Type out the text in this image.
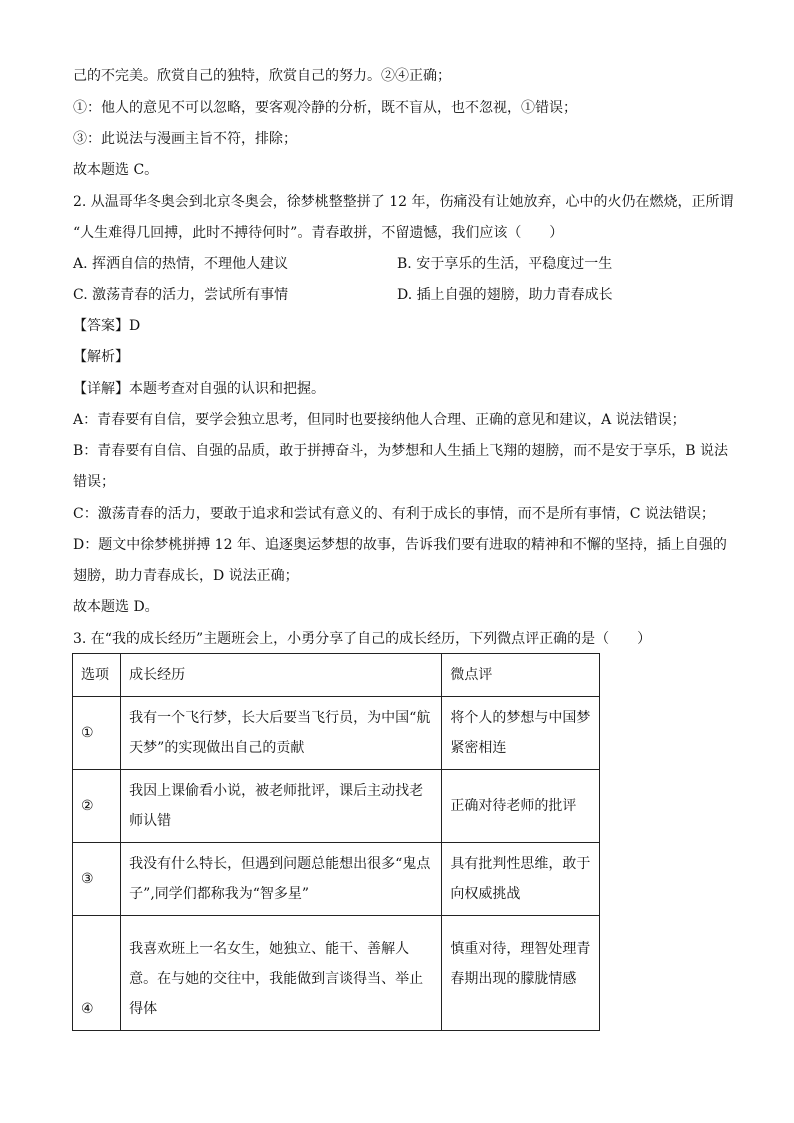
己的不完美。欣赏自己的独特，欣赏自己的努力。②④正确；
①：他人的意见不可以忽略，要客观冷静的分析，既不盲从，也不忽视，①错误；
③：此说法与漫画主旨不符，排除；
故本题选 C。
2. 从温哥华冬奥会到北京冬奥会，徐梦桃整整拼了 12 年，伤痛没有让她放弃，心中的火仍在燃烧，正所谓
“人生难得几回搏，此时不搏待何时”。青春敢拼，不留遗憾，我们应该（　　）
A. 挥洒自信的热情，不理他人建议	B. 安于享乐的生活，平稳度过一生
C. 激荡青春的活力，尝试所有事情	D. 插上自强的翅膀，助力青春成长
【答案】D
【解析】
【详解】本题考查对自强的认识和把握。
A：青春要有自信，要学会独立思考，但同时也要接纳他人合理、正确的意见和建议，A 说法错误；
B：青春要有自信、自强的品质，敢于拼搏奋斗，为梦想和人生插上飞翔的翅膀，而不是安于享乐，B 说法
错误；
C：激荡青春的活力，要敢于追求和尝试有意义的、有利于成长的事情，而不是所有事情，C 说法错误；
D：题文中徐梦桃拼搏 12 年、追逐奥运梦想的故事，告诉我们要有进取的精神和不懈的坚持，插上自强的
翅膀，助力青春成长，D 说法正确；
故本题选 D。
3. 在“我的成长经历”主题班会上，小勇分享了自己的成长经历，下列微点评正确的是（　　）
选项	成长经历	微点评
①	我有一个飞行梦，长大后要当飞行员，为中国“航天梦”的实现做出自己的贡献	将个人的梦想与中国梦紧密相连
②	我因上课偷看小说，被老师批评，课后主动找老师认错	正确对待老师的批评
③	我没有什么特长，但遇到问题总能想出很多“鬼点子”,同学们都称我为“智多星”	具有批判性思维，敢于向权威挑战
④	我喜欢班上一名女生，她独立、能干、善解人意。在与她的交往中，我能做到言谈得当、举止得体	慎重对待，理智处理青春期出现的朦胧情感
